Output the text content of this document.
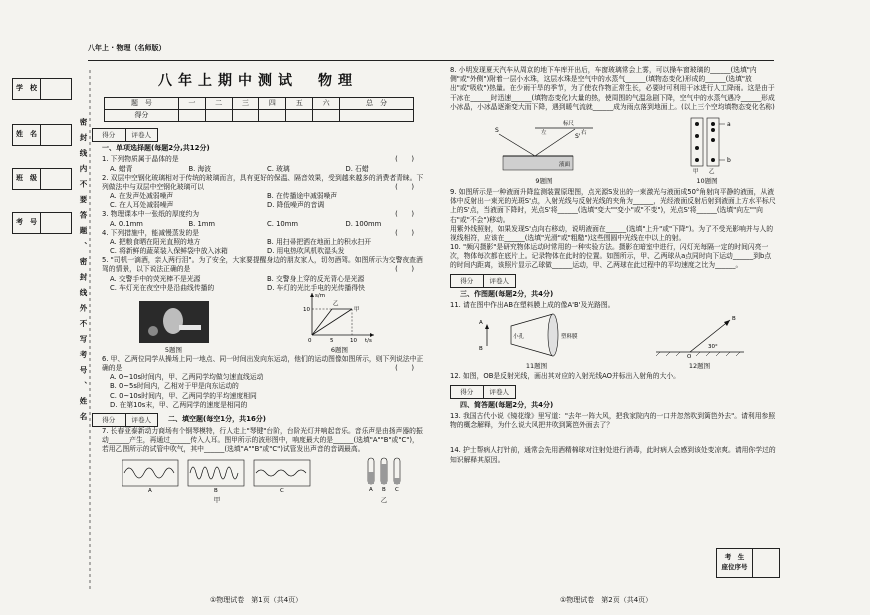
八年上 · 物理（名师版）
学　校
姓　名
班　级
考　号	密封线内不要答题、密封线外不写考号、姓名
八年上期中测试　物理
题　号	一	二	三	四	五	六	总　分
得分							
得分	评卷人
一、单项选择题(每题2分,共12分)
1. 下列物质属于晶体的是	(　　)
A. 蜡青	B. 海波	C. 玻璃	D. 石蜡
2. 双层中空钢化玻璃相对于传统的玻璃而言，具有更好的保温、隔音效果，受到越来越多的消费者青睐。下列做法中与双层中空钢化玻璃可以	(　　)
A. 在发声处减弱噪声	B. 在传播途中减弱噪声
C. 在人耳处减弱噪声	D. 降低噪声的音调
3. 物理课本中一张纸的厚度约为	(　　)
A. 0.1mm	B. 1mm	C. 10mm	D. 100mm
4. 下列措施中，能减慢蒸发的是	(　　)
A. 把粮食晒在阳光直照的地方	B. 用扫帚把洒在地面上的积水扫开
C. 将新鲜的蔬菜装入保鲜袋中放入冰箱	D. 用电热吹风机吹湿头发
5. "司机一滴酒，亲人两行泪"。为了安全，大家要提醒身边的朋友家人，切勿酒驾。如图所示为交警夜查酒驾的情景，以下说法正确的是	(　　)
A. 交警手中的荧光棒不是光源	B. 交警身上穿的反光背心是光源
C. 车灯光在夜空中是沿曲线传播的	D. 车灯的光比手电的光传播得快
5题图
s/m
t/s
10
0	5	10
甲
乙
6题图
6. 甲、乙两位同学从操场上同一地点、同一时间出发向东运动，他们的运动图像如图所示，则下列说法中正确的是	(　　)
A. 0~10s时间内，甲、乙两同学均做匀速直线运动
B. 0~5s时间内，乙相对于甲是向东运动的
C. 0~10s时间内，甲、乙两同学的平均速度相同
D. 在第10s末，甲、乙两同学的速度是相同的
得分	评卷人	二、填空题(每空1分，共16分)
7. 长春亚泰新动力商场有个钢琴模特，行人走上"琴键"台阶，台阶光灯并响起音乐。音乐声是由扬声器的振动______产生，再通过______传入人耳。图甲所示的波形图中，响度最大的是______(选填"A""B"或"C")，若用乙图所示的试管中吹气，其中______(选填"A""B"或"C")试管发出声音的音调最高。
A	B	C
甲
A B C
乙
8. 小明发现夏天汽车从周京的地下车库开出后，车窗玻璃常会上雾，可以操车窗玻璃的______(选填"内侧"或"外侧")附着一层小水珠，这层水珠是空气中的水蒸气______(填物态变化)形成的______(选填"放出"或"吸收")热量。在少雨干旱的季节，为了使农作物正常生长，必要时可利用干冰进行人工降雨。这是由于干冰在______时迅速______(填物态变化)大量的热，使周围的气温急剧下降，空气中的水蒸气遇冷______形成小冰晶，小冰晶逐渐变大而下降，遇到暖气流就______成为雨点落到地面上。(以上三个空均填物态变化名称)
标尺
左	右
S
S'
液面
9题图
a
b
甲 乙
10题图
9. 如图所示是一种液面升降监测装置原理图，点光源S发出的一束激光与液面成50°角射向平静的液面，从液体中反射出一束光的光斑S'点，入射光线与反射光线的夹角为______，光经液面反射后射到液面上方水平标尺上的S'点，当液面下降时，光点S'将______(选填"变大""变小"或"不变")，光点S'将______(选填"向左""向右"或"不会")移动。
用紫外线照射，如果发现S'点向右移动，说明液面在______(选填"上升"或"下降")。为了不受光影响并与人的视线相符，应该在______(选填"光滑"或"粗糙")这些围圆中光线在中以上的射。
10. "频闪摄影"是研究物体运动时常用的一种实验方法。摄影在暗室中进行，闪灯光每隔一定的时间闪亮一次，物体每次都在底片上。记录物体在此时的位置。如图所示，甲、乙两球从a点同时向下运动______到b点的时间内距离，该照片显示乙球做______运动，甲、乙两球在此过程中的平均速度之比为______。
得分	评卷人
三、作图题(每题2分，共4分)
11. 请在图中作出AB在塑料膜上成的像A'B'及光路图。
A
B
小孔	塑料膜
11题图
B
O
30°
12题图
12. 如图，OB是反射光线，画出其对应的入射光线AO并标出入射角的大小。
得分	评卷人
四、简答题(每题2分，共4分)
13. 我国古代小说《镜花缘》里写道："去年一阵大风，把我家院内的一口井忽然吹到篱笆外去"。请利用参照物的概念解释，为什么说大风把井吹到篱笆外面去了？
14. 护士帮病人打针前，通常会先用酒精棉球对注射处进行消毒，此时病人会感到该处变凉爽。请用你学过的知识解释其原因。
考　生
座位序号
①物理试卷　第1页（共4页）	①物理试卷　第2页（共4页）
